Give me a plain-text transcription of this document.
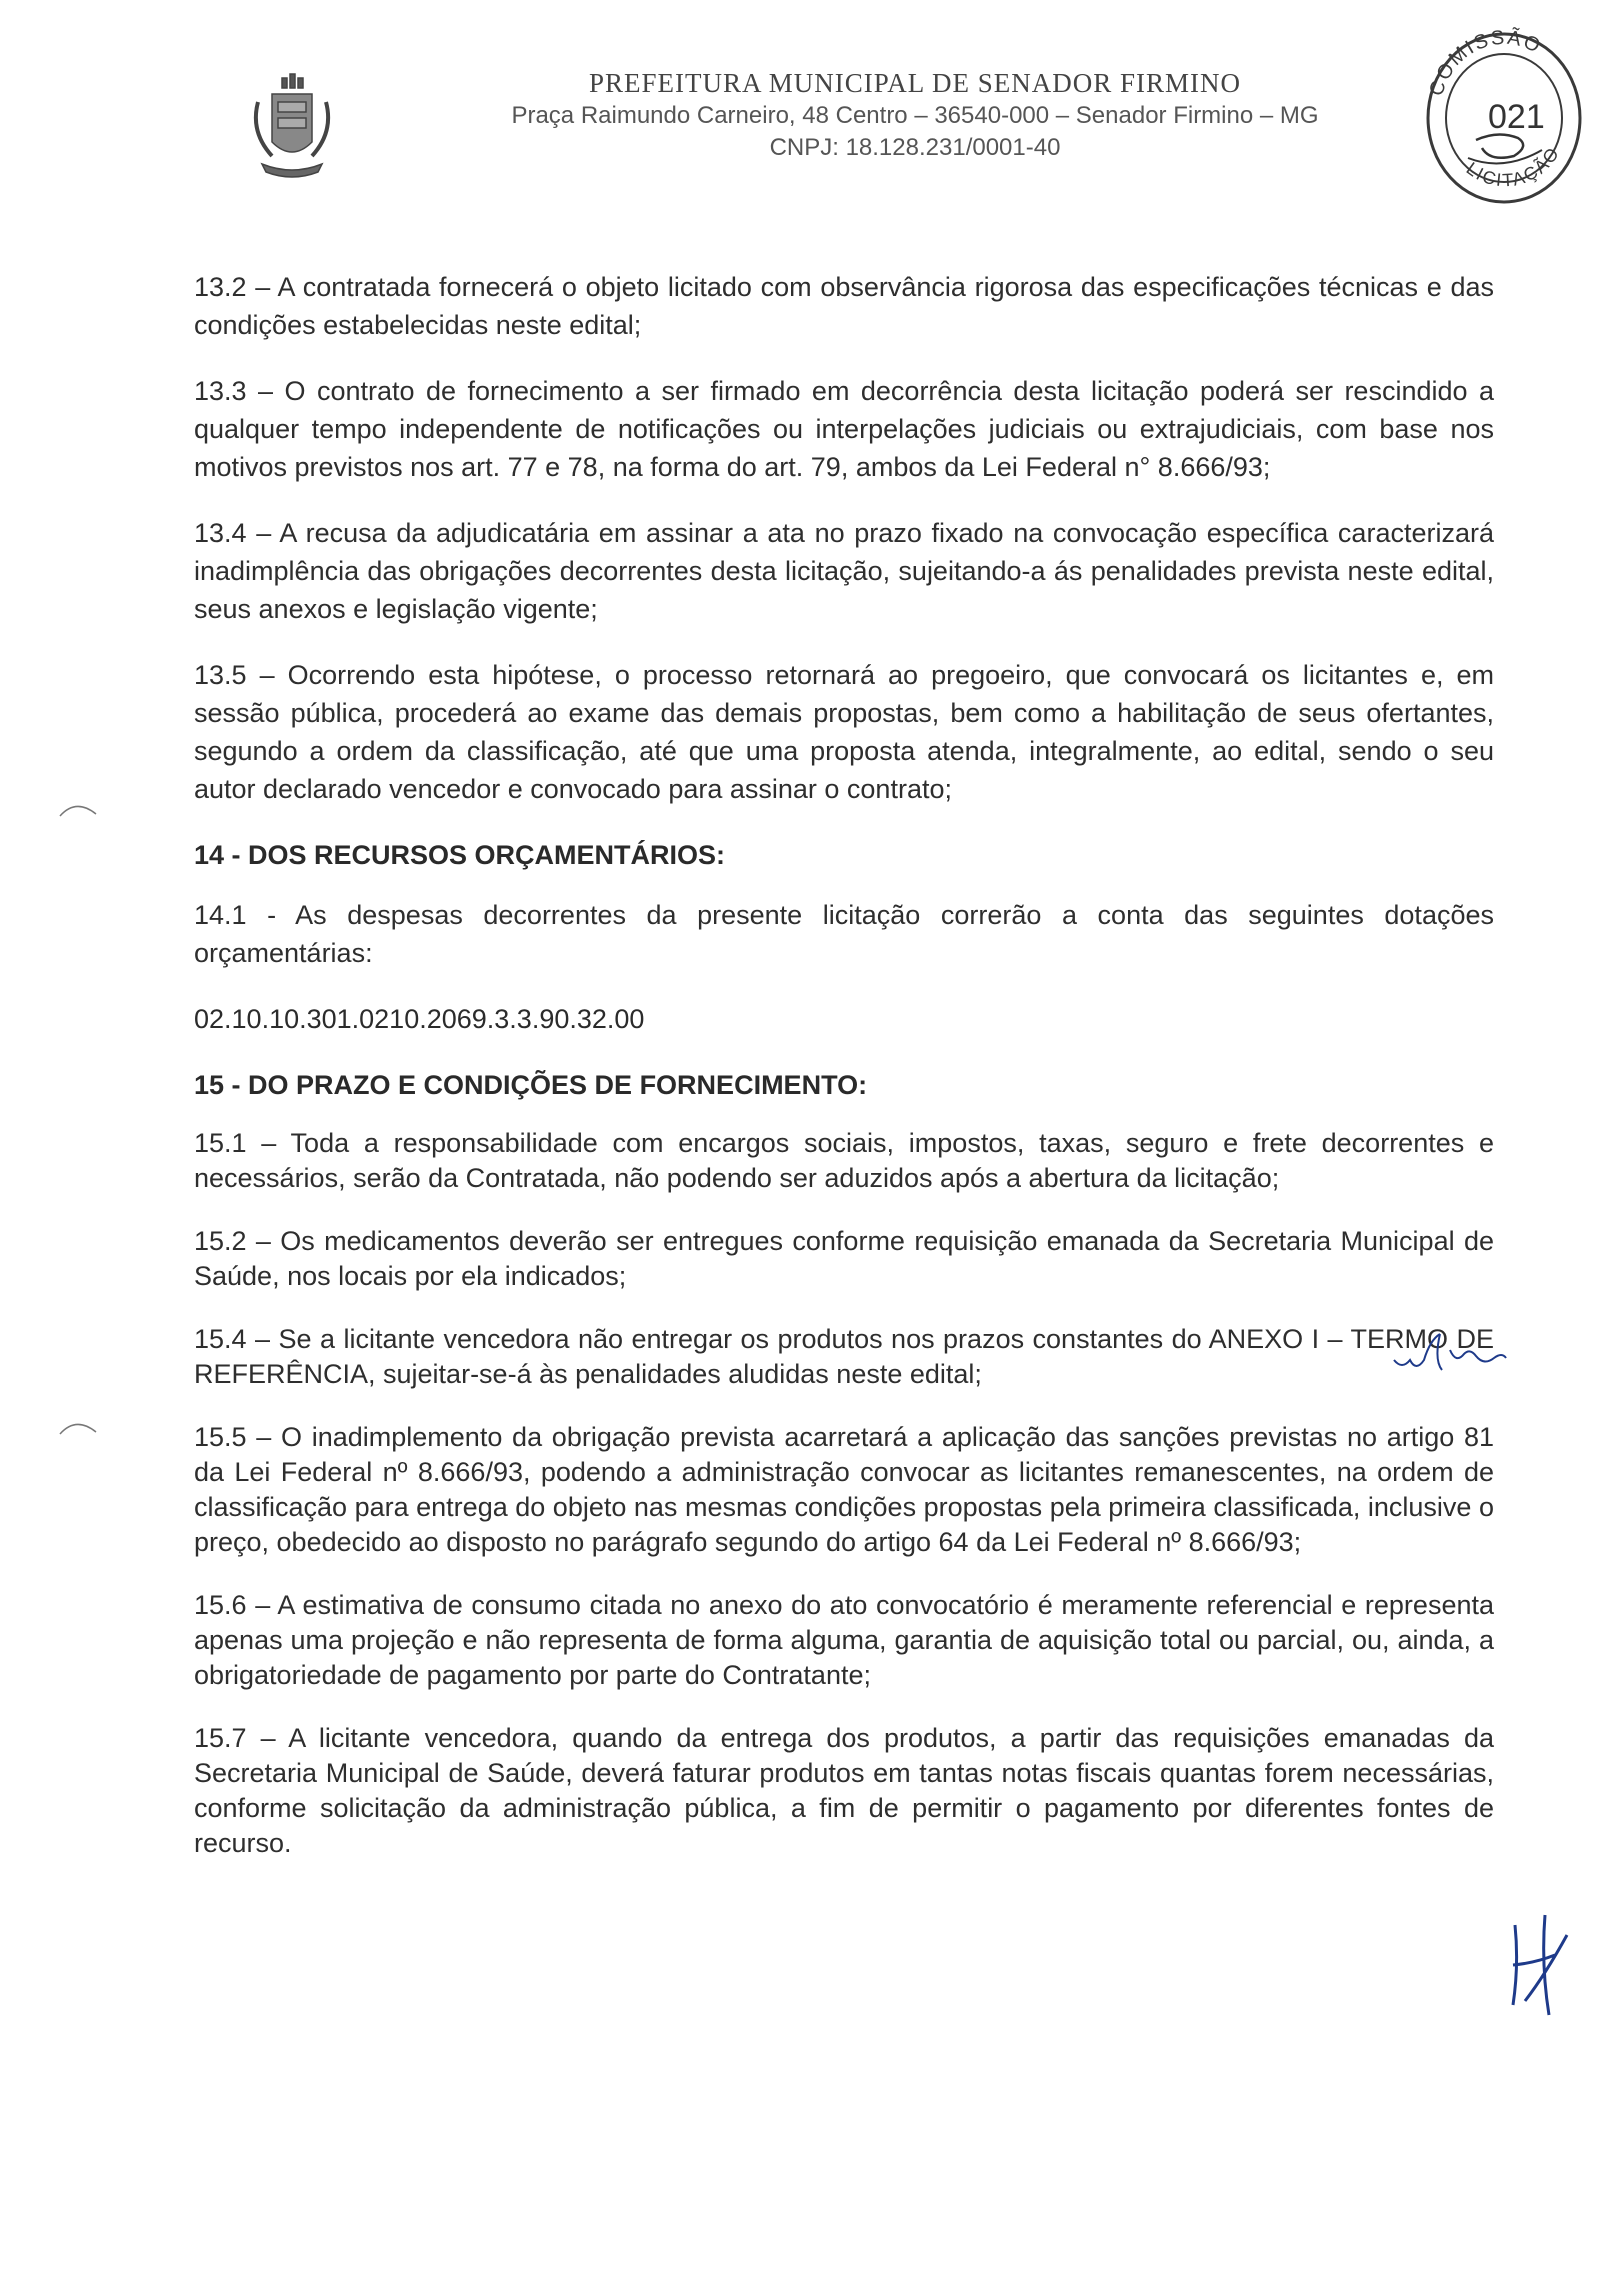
PREFEITURA MUNICIPAL DE SENADOR FIRMINO
Praça Raimundo Carneiro, 48 Centro – 36540-000 – Senador Firmino – MG
CNPJ: 18.128.231/0001-40
COMISSÃO
LICITAÇÃO
021

13.2 – A contratada fornecerá o objeto licitado com observância rigorosa das especificações técnicas e das condições estabelecidas neste edital;

13.3 – O contrato de fornecimento a ser firmado em decorrência desta licitação poderá ser rescindido a qualquer tempo independente de notificações ou interpelações judiciais ou extrajudiciais, com base nos motivos previstos nos art. 77 e 78, na forma do art. 79, ambos da Lei Federal n° 8.666/93;

13.4 – A recusa da adjudicatária em assinar a ata no prazo fixado na convocação específica caracterizará inadimplência das obrigações decorrentes desta licitação, sujeitando-a ás penalidades prevista neste edital, seus anexos e legislação vigente;

13.5 – Ocorrendo esta hipótese, o processo retornará ao pregoeiro, que convocará os licitantes e, em sessão pública, procederá ao exame das demais propostas, bem como a habilitação de seus ofertantes, segundo a ordem da classificação, até que uma proposta atenda, integralmente, ao edital, sendo o seu autor declarado vencedor e convocado para assinar o contrato;

14 - DOS RECURSOS ORÇAMENTÁRIOS:

14.1 - As despesas decorrentes da presente licitação correrão a conta das seguintes dotações orçamentárias:

02.10.10.301.0210.2069.3.3.90.32.00

15 - DO PRAZO E CONDIÇÕES DE FORNECIMENTO:

15.1 – Toda a responsabilidade com encargos sociais, impostos, taxas, seguro e frete decorrentes e necessários, serão da Contratada, não podendo ser aduzidos após a abertura da licitação;

15.2 – Os medicamentos deverão ser entregues conforme requisição emanada da Secretaria Municipal de Saúde, nos locais por ela indicados;

15.4 – Se a licitante vencedora não entregar os produtos nos prazos constantes do ANEXO I – TERMO DE REFERÊNCIA, sujeitar-se-á às penalidades aludidas neste edital;

15.5 – O inadimplemento da obrigação prevista acarretará a aplicação das sanções previstas no artigo 81 da Lei Federal nº 8.666/93, podendo a administração convocar as licitantes remanescentes, na ordem de classificação para entrega do objeto nas mesmas condições propostas pela primeira classificada, inclusive o preço, obedecido ao disposto no parágrafo segundo do artigo 64 da Lei Federal nº 8.666/93;

15.6 – A estimativa de consumo citada no anexo do ato convocatório é meramente referencial e representa apenas uma projeção e não representa de forma alguma, garantia de aquisição total ou parcial, ou, ainda, a obrigatoriedade de pagamento por parte do Contratante;

15.7 – A licitante vencedora, quando da entrega dos produtos, a partir das requisições emanadas da Secretaria Municipal de Saúde, deverá faturar produtos em tantas notas fiscais quantas forem necessárias, conforme solicitação da administração pública, a fim de permitir o pagamento por diferentes fontes de recurso.
